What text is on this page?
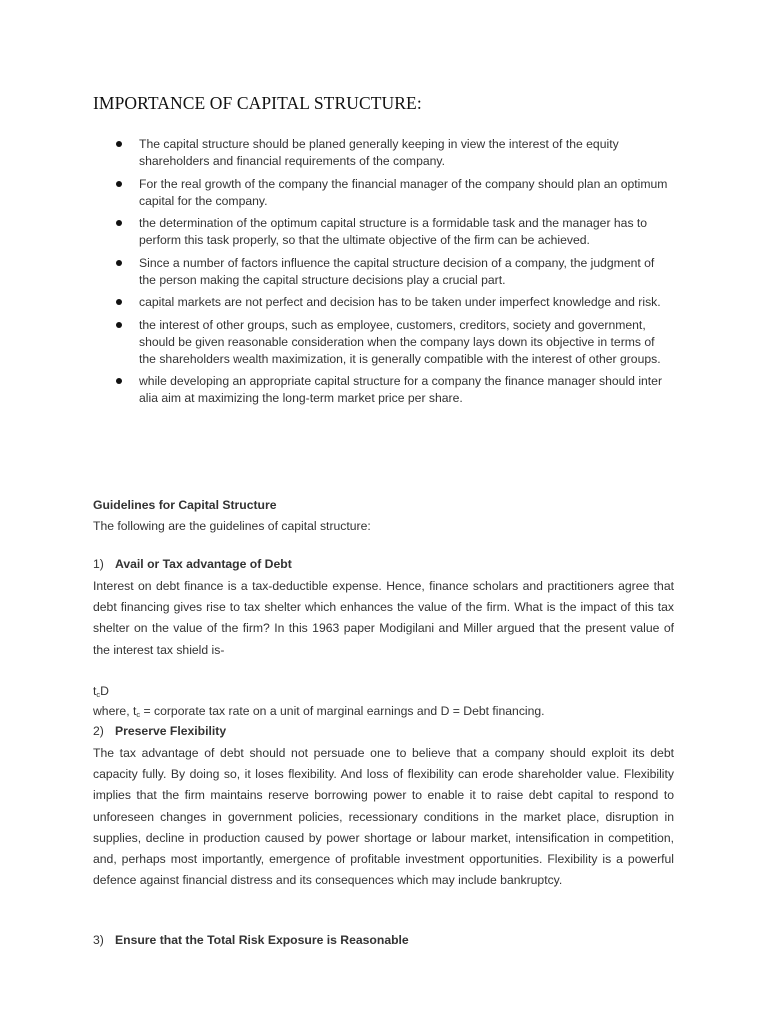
IMPORTANCE OF CAPITAL STRUCTURE:
The capital structure should be planed generally keeping in view the interest of the equity shareholders and financial requirements of the company.
For the real growth of the company the financial manager of the company should plan an optimum capital for the company.
the determination of the optimum capital structure is a formidable task and the manager has to perform this task properly, so that the ultimate objective of the firm can be achieved.
Since a number of factors influence the capital structure decision of a company, the judgment of the person making the capital structure decisions play a crucial part.
capital markets are not perfect and decision has to be taken under imperfect knowledge and risk.
the interest of other groups, such as employee, customers, creditors, society and government, should be given reasonable consideration when the company lays down its objective in terms of the shareholders wealth maximization, it is generally compatible with the interest of other groups.
while developing an appropriate capital structure for a company the finance manager should inter alia aim at maximizing the long-term market price per share.
Guidelines for Capital Structure
The following are the guidelines of capital structure:
1) Avail or Tax advantage of Debt

Interest on debt finance is a tax-deductible expense. Hence, finance scholars and practitioners agree that debt financing gives rise to tax shelter which enhances the value of the firm. What is the impact of this tax shelter on the value of the firm? In this 1963 paper Modigilani and Miller argued that the present value of the interest tax shield is-

$t_cD$
where, $t_c$ = corporate tax rate on a unit of marginal earnings and D = Debt financing.
2) Preserve Flexibility

The tax advantage of debt should not persuade one to believe that a company should exploit its debt capacity fully. By doing so, it loses flexibility. And loss of flexibility can erode shareholder value. Flexibility implies that the firm maintains reserve borrowing power to enable it to raise debt capital to respond to unforeseen changes in government policies, recessionary conditions in the market place, disruption in supplies, decline in production caused by power shortage or labour market, intensification in competition, and, perhaps most importantly, emergence of profitable investment opportunities. Flexibility is a powerful defence against financial distress and its consequences which may include bankruptcy.

3) Ensure that the Total Risk Exposure is Reasonable
